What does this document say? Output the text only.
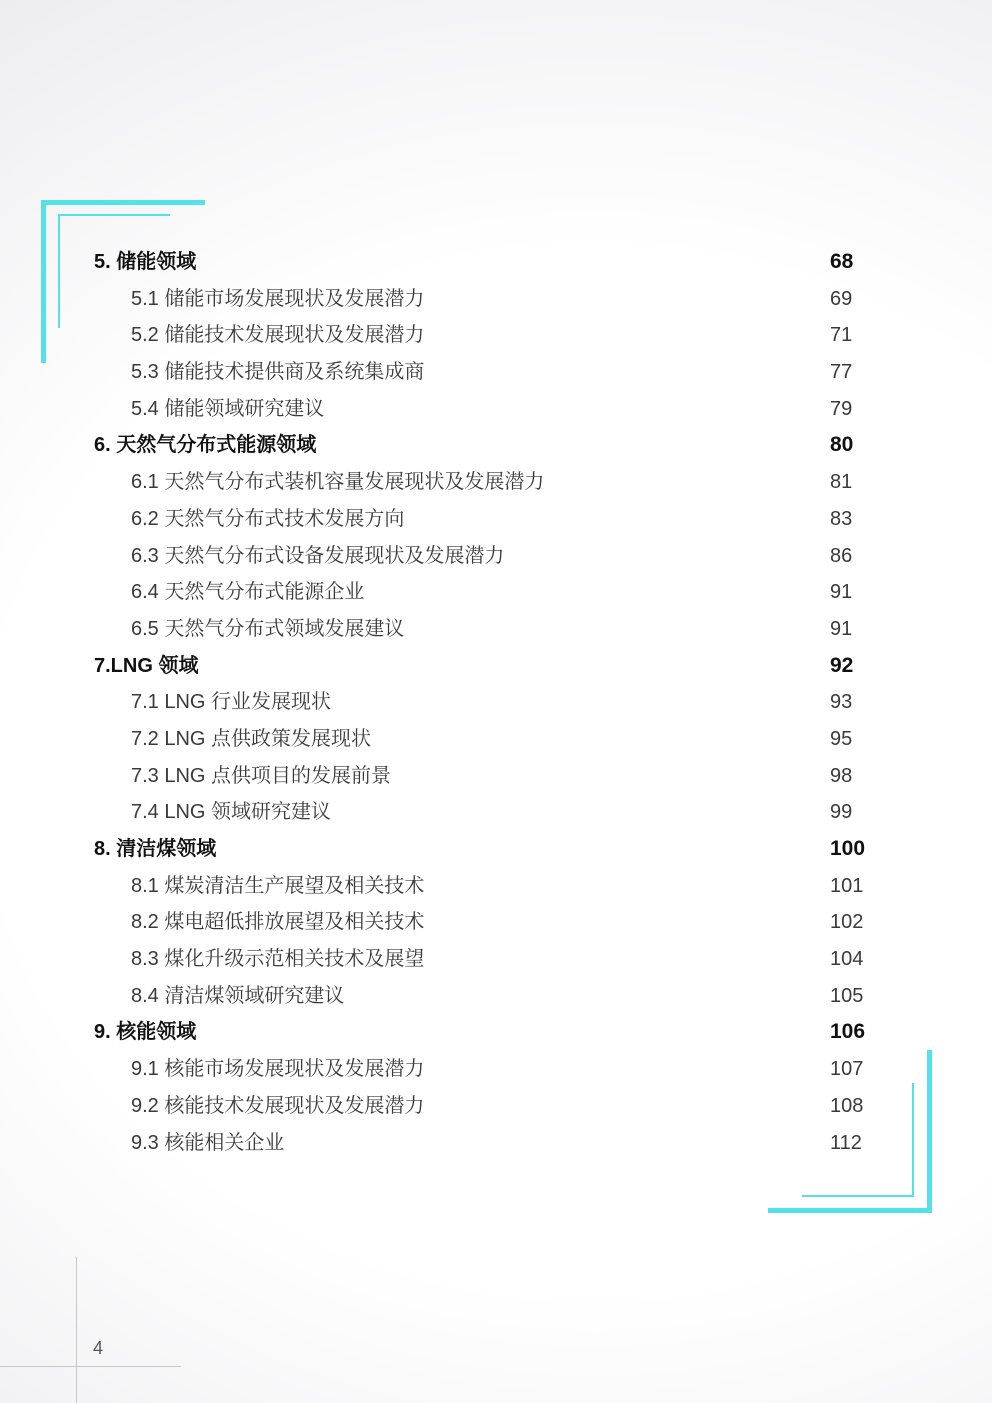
5. 储能领域	68
5.1 储能市场发展现状及发展潜力	69
5.2 储能技术发展现状及发展潜力	71
5.3 储能技术提供商及系统集成商	77
5.4 储能领域研究建议	79
6. 天然气分布式能源领域	80
6.1 天然气分布式装机容量发展现状及发展潜力	81
6.2 天然气分布式技术发展方向	83
6.3 天然气分布式设备发展现状及发展潜力	86
6.4 天然气分布式能源企业	91
6.5 天然气分布式领域发展建议	91
7.LNG 领域	92
7.1 LNG 行业发展现状	93
7.2 LNG 点供政策发展现状	95
7.3 LNG 点供项目的发展前景	98
7.4 LNG 领域研究建议	99
8. 清洁煤领域	100
8.1 煤炭清洁生产展望及相关技术	101
8.2 煤电超低排放展望及相关技术	102
8.3 煤化升级示范相关技术及展望	104
8.4 清洁煤领域研究建议	105
9. 核能领域	106
9.1 核能市场发展现状及发展潜力	107
9.2 核能技术发展现状及发展潜力	108
9.3 核能相关企业	112
4
